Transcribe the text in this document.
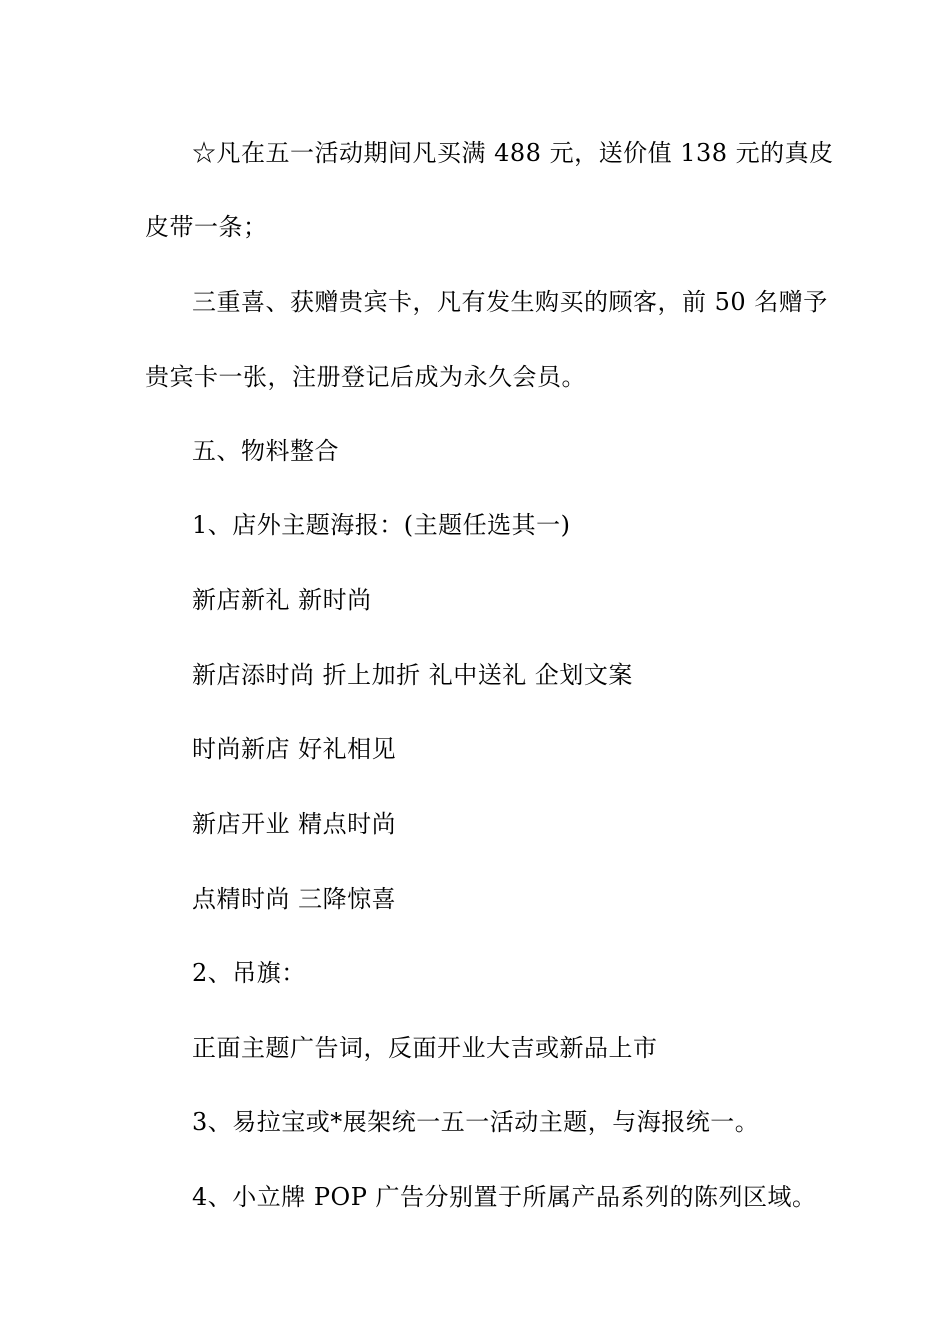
☆凡在五一活动期间凡买满 488 元，送价值 138 元的真皮
皮带一条；
三重喜、获赠贵宾卡，凡有发生购买的顾客，前 50 名赠予
贵宾卡一张，注册登记后成为永久会员。
五、物料整合
1、店外主题海报：(主题任选其一)
新店新礼 新时尚
新店添时尚 折上加折 礼中送礼 企划文案
时尚新店 好礼相见
新店开业 精点时尚
点精时尚 三降惊喜
2、吊旗：
正面主题广告词，反面开业大吉或新品上市
3、易拉宝或*展架统一五一活动主题，与海报统一。
4、小立牌 POP 广告分别置于所属产品系列的陈列区域。
